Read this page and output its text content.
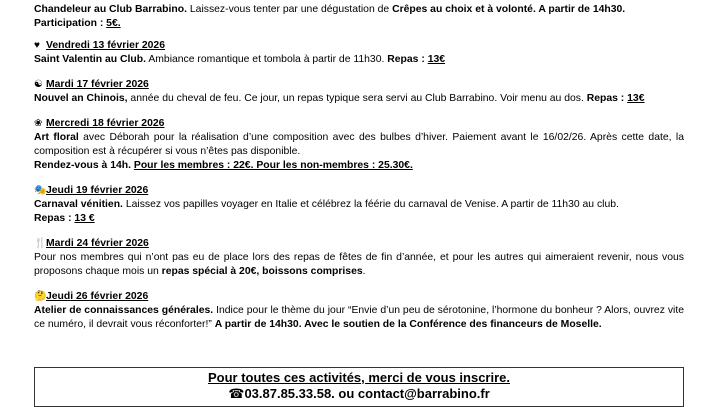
Chandeleur au Club Barrabino. Laissez-vous tenter par une dégustation de Crêpes au choix et à volonté. A partir de 14h30.
Participation : 5€.
♥ Vendredi 13 février 2026
Saint Valentin au Club. Ambiance romantique et tombola à partir de 11h30. Repas : 13€
☯ Mardi 17 février 2026
Nouvel an Chinois, année du cheval de feu. Ce jour, un repas typique sera servi au Club Barrabino. Voir menu au dos. Repas : 13€
❀ Mercredi 18 février 2026
Art floral avec Déborah pour la réalisation d’une composition avec des bulbes d’hiver. Paiement avant le 16/02/26. Après cette date, la composition est à récupérer si vous n’êtes pas disponible.
Rendez-vous à 14h. Pour les membres : 22€. Pour les non-membres : 25.30€.
🎭Jeudi 19 février 2026
Carnaval vénitien. Laissez vos papilles voyager en Italie et célébrez la féérie du carnaval de Venise. A partir de 11h30 au club.
Repas : 13 €
🍴Mardi 24 février 2026
Pour nos membres qui n’ont pas eu de place lors des repas de fêtes de fin d’année, et pour les autres qui aimeraient revenir, nous vous proposons chaque mois un repas spécial à 20€, boissons comprises.
🤔Jeudi 26 février 2026
Atelier de connaissances générales. Indice pour le thème du jour “Envie d’un peu de sérotonine, l’hormone du bonheur ? Alors, ouvrez vite ce numéro, il devrait vous réconforter!” A partir de 14h30. Avec le soutien de la Conférence des financeurs de Moselle.
Pour toutes ces activités, merci de vous inscrire.
☎03.87.85.33.58. ou contact@barrabino.fr
